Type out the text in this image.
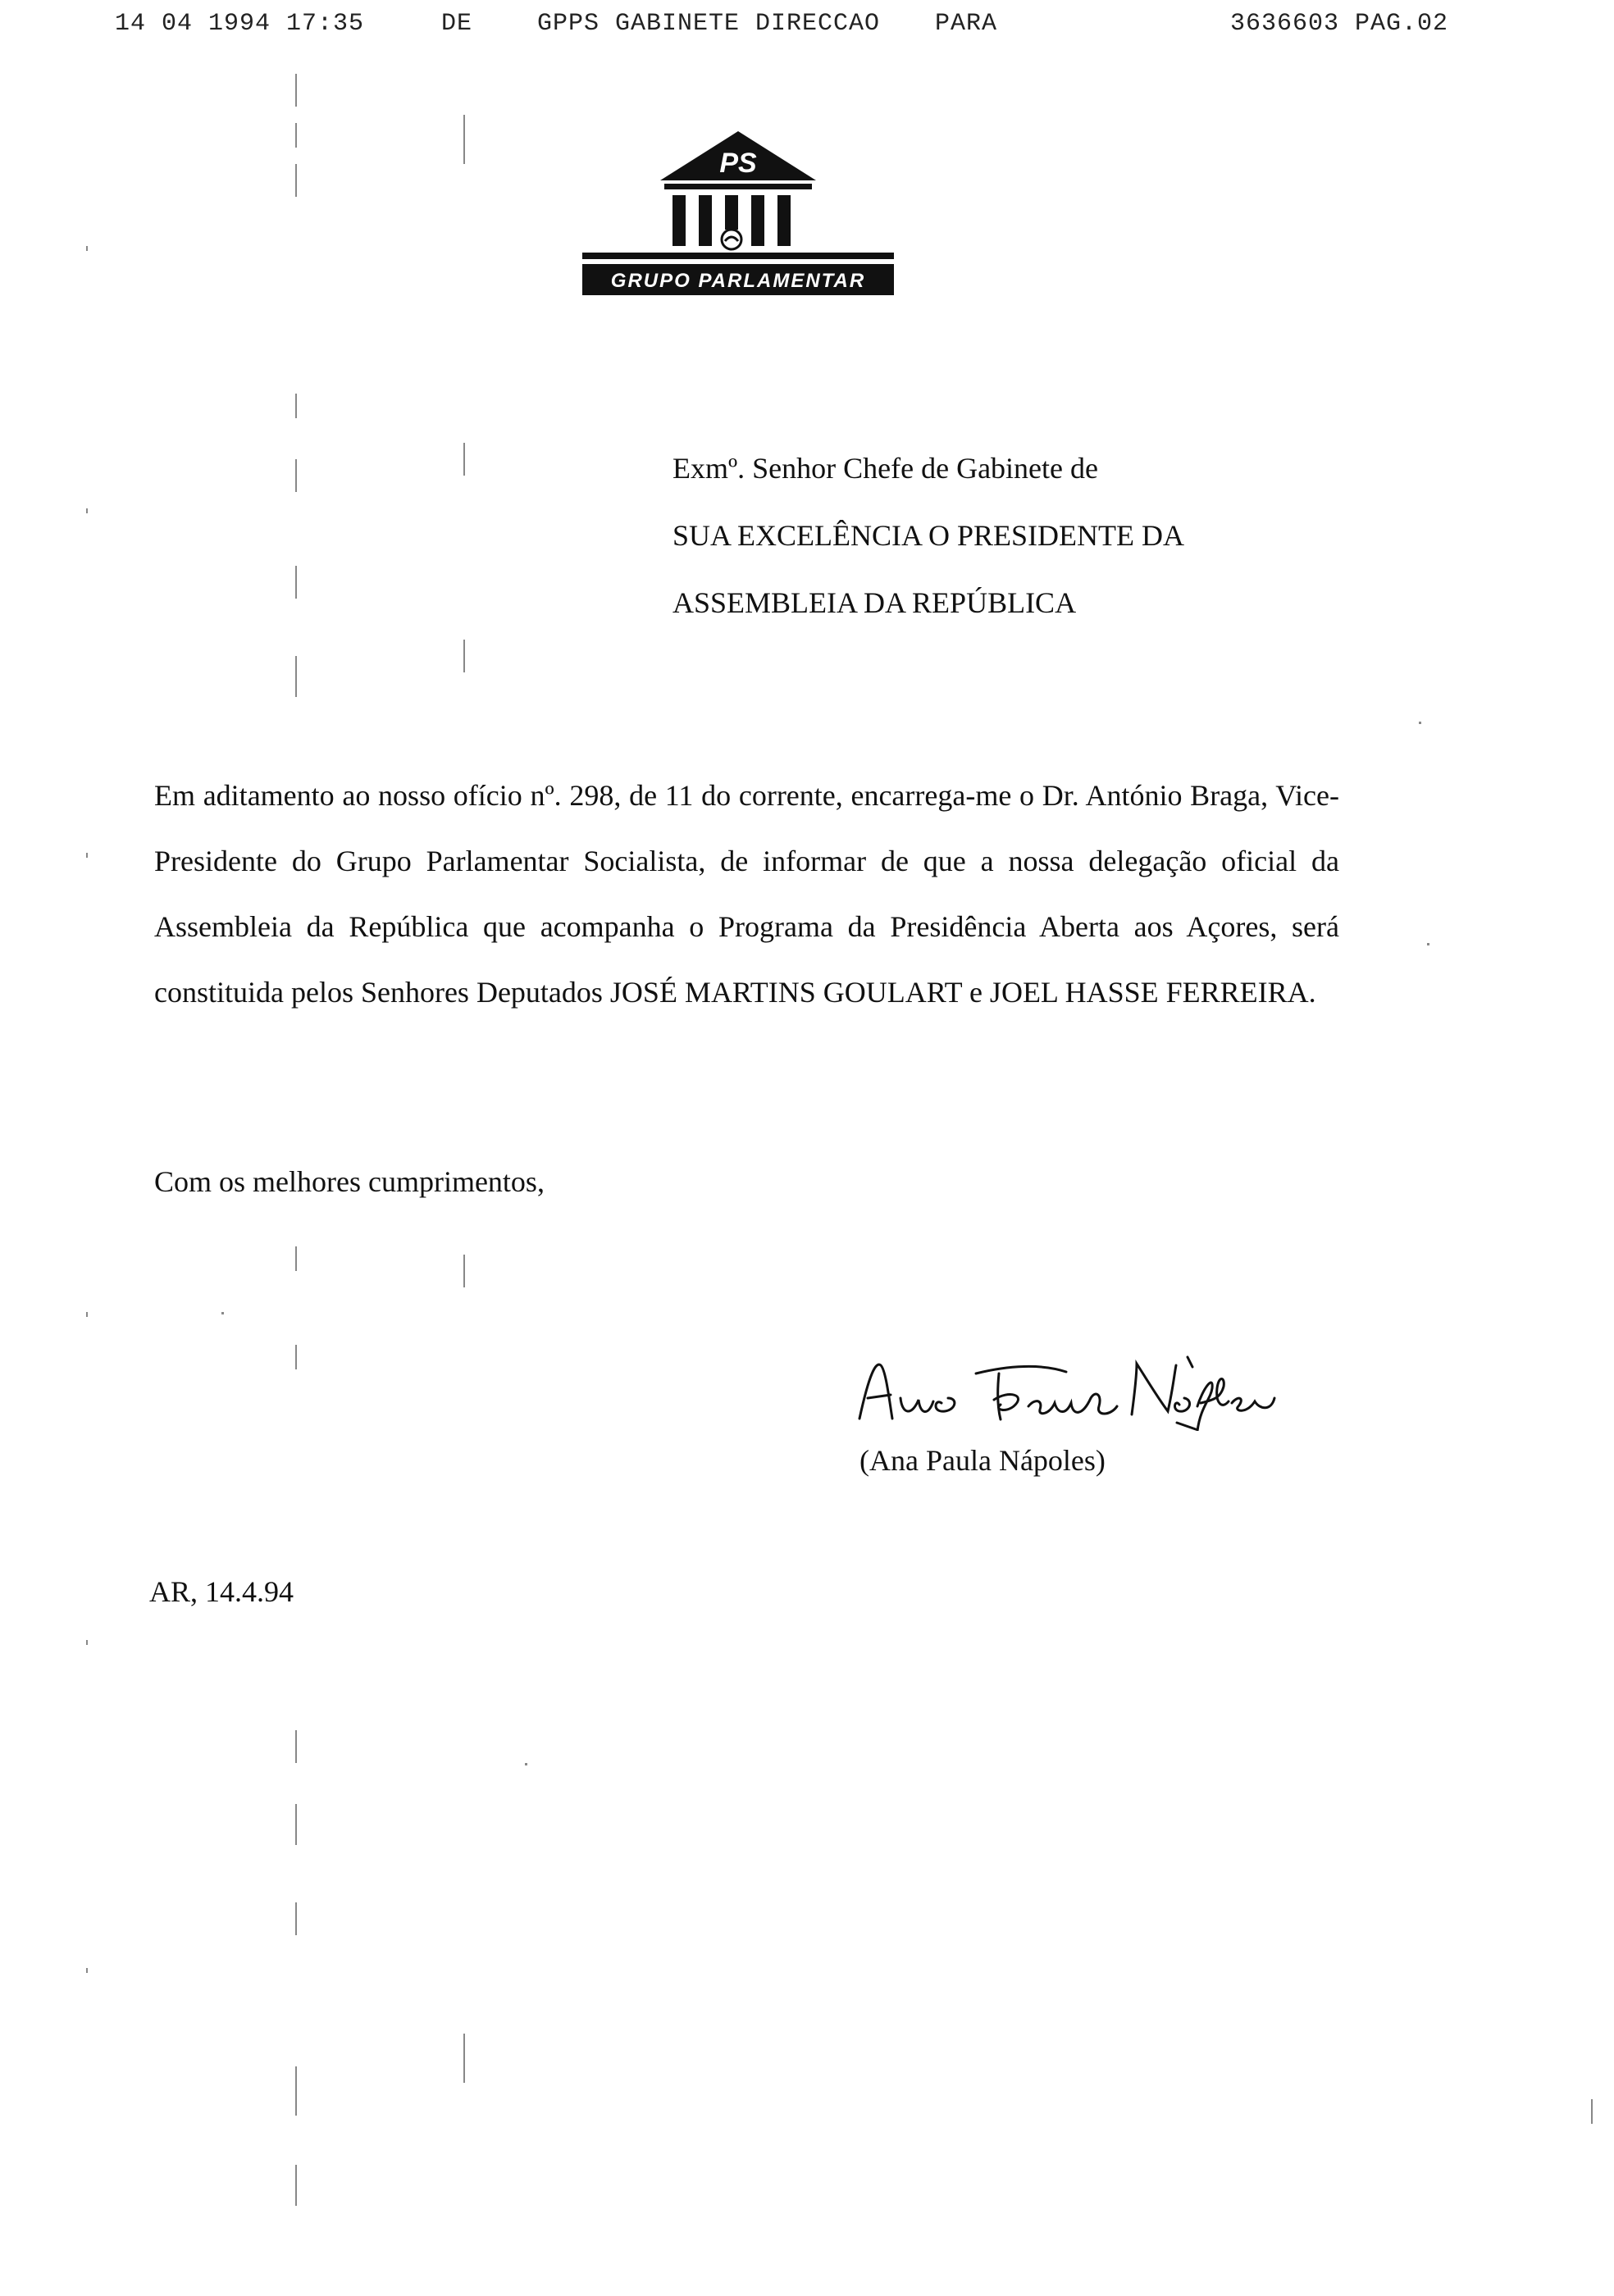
14 04 1994 17:35	DE	GPPS GABINETE DIRECCAO PARA	3636603 PAG.02
PS
GRUPO PARLAMENTAR
Exmº. Senhor Chefe de Gabinete de
SUA EXCELÊNCIA O PRESIDENTE DA
ASSEMBLEIA DA REPÚBLICA
Em aditamento ao nosso ofício nº. 298, de 11 do corrente, encarrega-me o Dr. António Braga, Vice-Presidente do Grupo Parlamentar Socialista, de informar de que a nossa delegação oficial da Assembleia da República que acompanha o Programa da Presidência Aberta aos Açores, será constituida pelos Senhores Deputados JOSÉ MARTINS GOULART e JOEL HASSE FERREIRA.
Com os melhores cumprimentos,
(Ana Paula Nápoles)
AR, 14.4.94
